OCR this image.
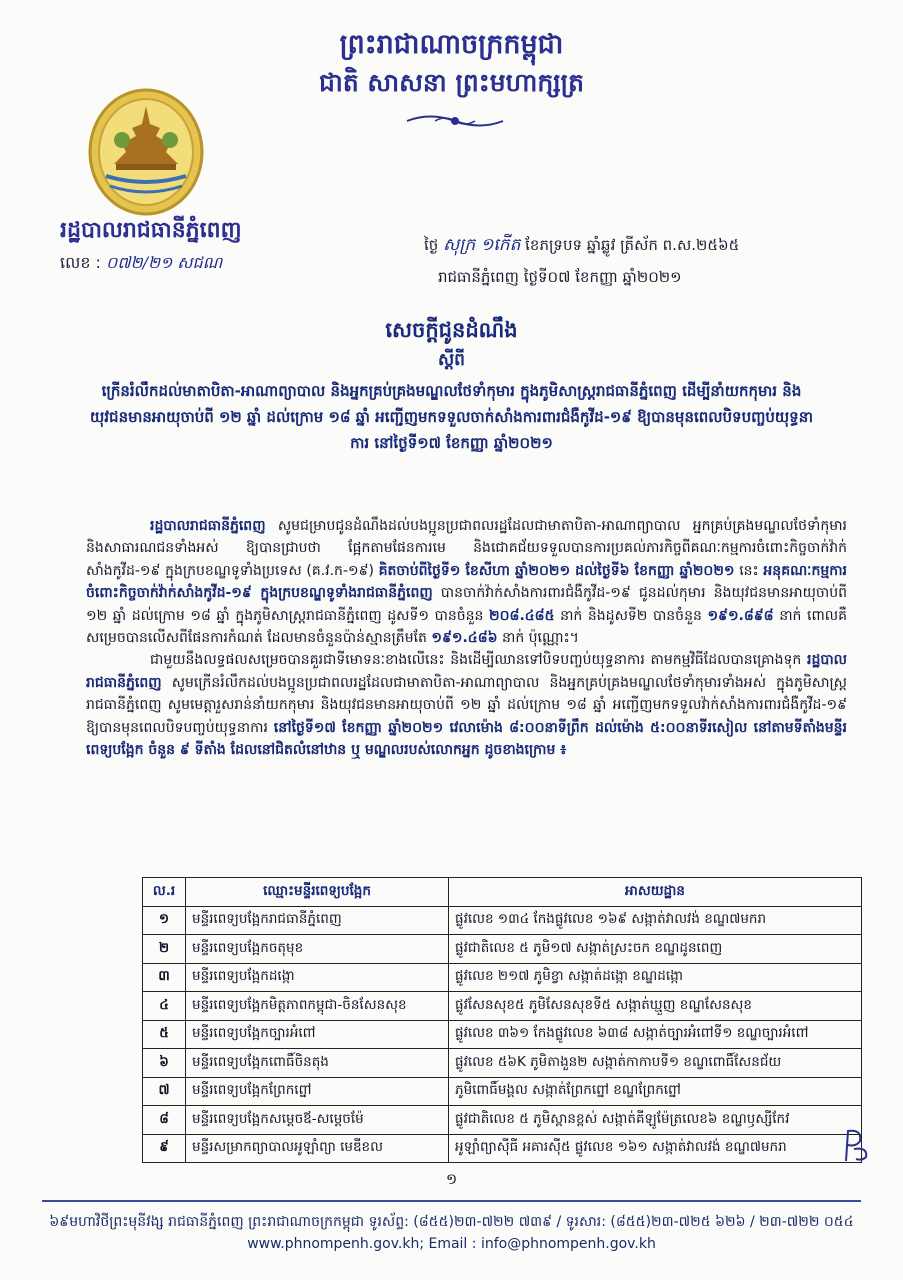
ព្រះរាជាណាចក្រកម្ពុជា
ជាតិ សាសនា ព្រះមហាក្សត្រ
រដ្ឋបាលរាជធានីភ្នំពេញ
លេខ : ០៧២/២១ សជណ
ថ្ងៃ សុក្រ ១កើត ខែភទ្របទ ឆ្នាំឆ្លូវ ត្រីស័ក ព.ស.២៥៦៥
រាជធានីភ្នំពេញ ថ្ងៃទី០៧ ខែកញ្ញា ឆ្នាំ២០២១
សេចក្តីជូនដំណឹង
ស្តីពី
ក្រើនរំលឹកដល់មាតាបិតា-អាណាព្យាបាល និងអ្នកគ្រប់គ្រងមណ្ឌលថែទាំកុមារ ក្នុងភូមិសាស្ត្ររាជធានីភ្នំពេញ ដើម្បីនាំយកកុមារ និងយុវជនមានអាយុចាប់ពី ១២ ឆ្នាំ ដល់ក្រោម ១៨ ឆ្នាំ អញ្ជើញមកទទួលចាក់សាំងការពារជំងឺកូវីដ-១៩ ឱ្យបានមុនពេលបិទបញ្ចប់យុទ្ធនាការ នៅថ្ងៃទី១៧ ខែកញ្ញា ឆ្នាំ២០២១

រដ្ឋបាលរាជធានីភ្នំពេញ សូមជម្រាបជូនដំណឹងដល់បងប្អូនប្រជាពលរដ្ឋដែលជាមាតាបិតា-អាណាព្យាបាល អ្នកគ្រប់គ្រងមណ្ឌលថែទាំកុមារ និងសាធារណជនទាំងអស់ ឱ្យបានជ្រាបថា ផ្អែកតាមផែនការមេ និងជោគជ័យទទួលបានការប្រគល់ភារកិច្ចពីគណៈកម្មការចំពោះកិច្ចចាក់វ៉ាក់សាំងកូវីដ-១៩ ក្នុងក្របខណ្ឌទូទាំងប្រទេស (គ.វ.ក-១៩) គិតចាប់ពីថ្ងៃទី១ ខែសីហា ឆ្នាំ២០២១ ដល់ថ្ងៃទី៦ ខែកញ្ញា ឆ្នាំ២០២១ នេះ អនុគណៈកម្មការចំពោះកិច្ចចាក់វ៉ាក់សាំងកូវីដ-១៩ ក្នុងក្របខណ្ឌទូទាំងរាជធានីភ្នំពេញ បានចាក់វ៉ាក់សាំងការពារជំងឺកូវីដ-១៩ ជូនដល់កុមារ និងយុវជនមានអាយុចាប់ពី ១២ ឆ្នាំ ដល់ក្រោម ១៨ ឆ្នាំ ក្នុងភូមិសាស្ត្ររាជធានីភ្នំពេញ ដូសទី១ បានចំនួន ២០៨.៤៨៥ នាក់ និងដូសទី២ បានចំនួន ១៩១.៨៩៨ នាក់ ពោលគឺសម្រេចបានលើសពីផែនការកំណត់ ដែលមានចំនួនប៉ាន់ស្មានត្រឹមតែ ១៩១.៤៨៦ នាក់ ប៉ុណ្ណោះ។

ជាមួយនឹងលទ្ធផលសម្រេចបានគួរជាទីមោទនៈខាងលើនេះ និងដើម្បីឈានទៅបិទបញ្ចប់យុទ្ធនាការ តាមកម្មវិធីដែលបានគ្រោងទុក រដ្ឋបាលរាជធានីភ្នំពេញ សូមក្រើនរំលឹកដល់បងប្អូនប្រជាពលរដ្ឋដែលជាមាតាបិតា-អាណាព្យាបាល និងអ្នកគ្រប់គ្រងមណ្ឌលថែទាំកុមារទាំងអស់ ក្នុងភូមិសាស្ត្ររាជធានីភ្នំពេញ សូមមេត្តារួសរាន់នាំយកកុមារ និងយុវជនមានអាយុចាប់ពី ១២ ឆ្នាំ ដល់ក្រោម ១៨ ឆ្នាំ អញ្ជើញមកទទួលវ៉ាក់សាំងការពារជំងឺកូវីដ-១៩ ឱ្យបានមុនពេលបិទបញ្ចប់យុទ្ធនាការ នៅថ្ងៃទី១៧ ខែកញ្ញា ឆ្នាំ២០២១ វេលាម៉ោង ៨:០០នាទីព្រឹក ដល់ម៉ោង ៥:០០នាទីរសៀល នៅតាមទីតាំងមន្ទីរពេទ្យបង្អែក ចំនួន ៩ ទីតាំង ដែលនៅជិតលំនៅឋាន ឬ មណ្ឌលរបស់លោកអ្នក ដូចខាងក្រោម ៖

ល.រ	ឈ្មោះមន្ទីរពេទ្យបង្អែក	អាសយដ្ឋាន
១	មន្ទីរពេទ្យបង្អែករាជធានីភ្នំពេញ	ផ្លូវលេខ ១៣៤ កែងផ្លូវលេខ ១៦៩ សង្កាត់វាលវង់ ខណ្ឌ៧មករា
២	មន្ទីរពេទ្យបង្អែកចតុមុខ	ផ្លូវជាតិលេខ ៥ ភូមិ១៧ សង្កាត់ស្រះចក ខណ្ឌដូនពេញ
៣	មន្ទីរពេទ្យបង្អែកដង្កោ	ផ្លូវលេខ ២១៧ ភូមិខ្វា សង្កាត់ដង្កោ ខណ្ឌដង្កោ
៤	មន្ទីរពេទ្យបង្អែកមិត្តភាពកម្ពុជា-ចិនសែនសុខ	ផ្លូវសែនសុខ៥ ភូមិសែនសុខទី៥ សង្កាត់ឃ្មួញ ខណ្ឌសែនសុខ
៥	មន្ទីរពេទ្យបង្អែកច្បារអំពៅ	ផ្លូវលេខ ៣៦១ កែងផ្លូវលេខ ៦៣៨ សង្កាត់ច្បារអំពៅទី១ ខណ្ឌច្បារអំពៅ
៦	មន្ទីរពេទ្យបង្អែកពោធិ៍ចិនតុង	ផ្លូវលេខ ៥៦K ភូមិតាងួន២ សង្កាត់កាកាបទី១ ខណ្ឌពោធិ៍សែនជ័យ
៧	មន្ទីរពេទ្យបង្អែកព្រែកព្នៅ	ភូមិពោធិ៍មង្គល សង្កាត់ព្រែកព្នៅ ខណ្ឌព្រែកព្នៅ
៨	មន្ទីរពេទ្យបង្អែកសម្តេចឪ-សម្តេចម៉ែ	ផ្លូវជាតិលេខ ៥ ភូមិស្ពានខ្ពស់ សង្កាត់គីឡូម៉ែត្រលេខ៦ ខណ្ឌឫស្សីកែវ
៩	មន្ទីរសម្រាកព្យាបាលអូឡាំព្យា មេឌីខល	អូឡាំព្យាស៊ីធី អគារស៊ី៥ ផ្លូវលេខ ១៦១ សង្កាត់វាលវង់ ខណ្ឌ៧មករា
១
៦៩មហាវិថីព្រះមុនីវង្ស រាជធានីភ្នំពេញ ព្រះរាជាណាចក្រកម្ពុជា ទូរស័ព្ទ: (៨៥៥)២៣-៧២២ ៧៣៩ / ទូរសារ: (៨៥៥)២៣-៧២៥ ៦២៦ / ២៣-៧២២ ០៥៤
www.phnompenh.gov.kh; Email : info@phnompenh.gov.kh
